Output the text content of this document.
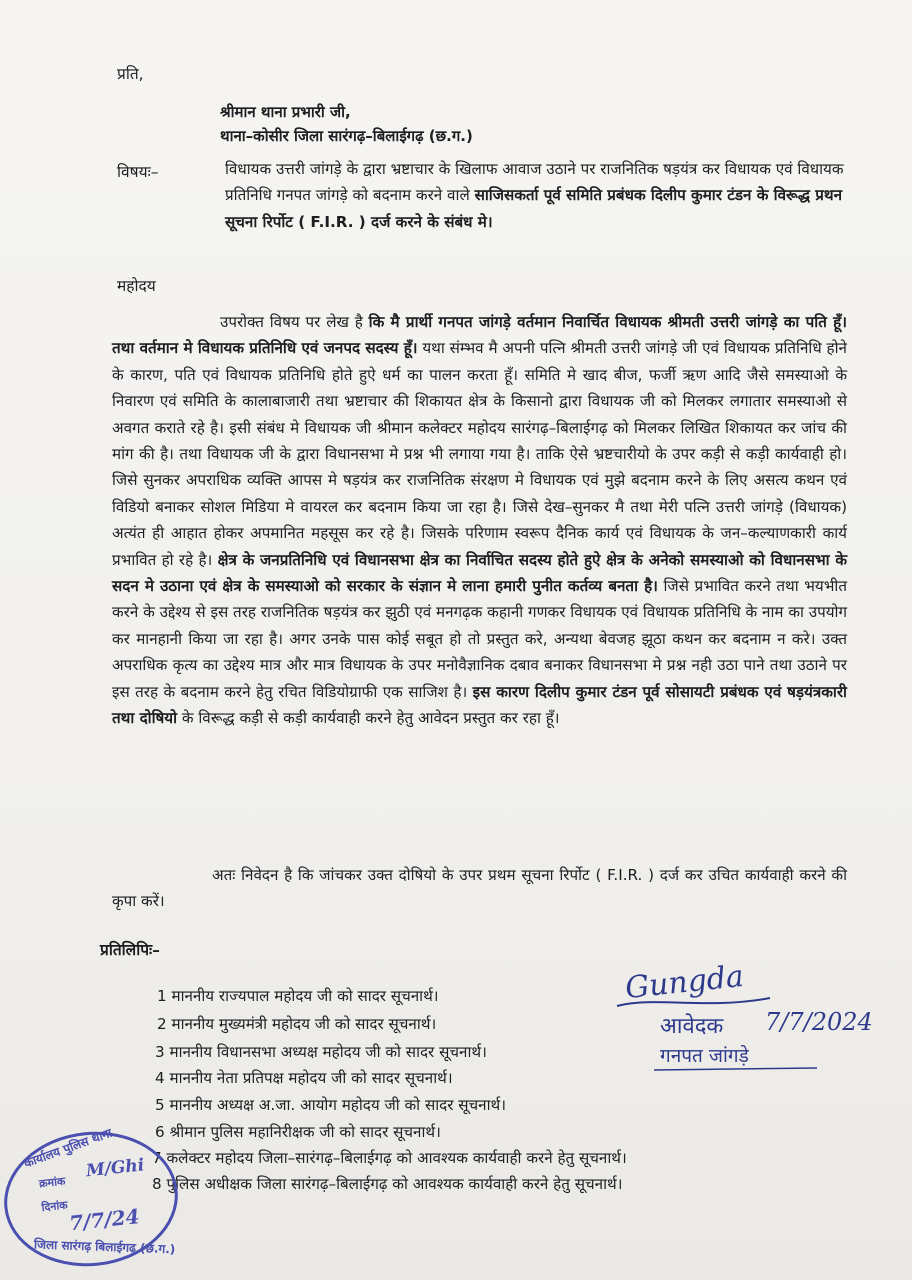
प्रति,
श्रीमान थाना प्रभारी जी,
थाना–कोसीर जिला सारंगढ़–बिलाईगढ़ (छ.ग.)
विषयः–	विधायक उत्तरी जांगड़े के द्वारा भ्रष्टाचार के खिलाफ आवाज उठाने पर राजनितिक षड़यंत्र कर विधायक एवं विधायक प्रतिनिधि गनपत जांगड़े को बदनाम करने वाले साजिसकर्ता पूर्व समिति प्रबंधक दिलीप कुमार टंडन के विरूद्ध प्रथन सूचना रिर्पोट ( F.I.R. ) दर्ज करने के संबंध मे।
महोदय
उपरोक्त विषय पर लेख है कि मै प्रार्थी गनपत जांगड़े वर्तमान निवार्चित विधायक श्रीमती उत्तरी जांगड़े का पति हूँ। तथा वर्तमान मे विधायक प्रतिनिधि एवं जनपद सदस्य हूँ। यथा संम्भव मै अपनी पत्नि श्रीमती उत्तरी जांगड़े जी एवं विधायक प्रतिनिधि होने के कारण, पति एवं विधायक प्रतिनिधि होते हुऐ धर्म का पालन करता हूँ। समिति मे खाद बीज, फर्जी ऋण आदि जैसे समस्याओ के निवारण एवं समिति के कालाबाजारी तथा भ्रष्टाचार की शिकायत क्षेत्र के किसानो द्वारा विधायक जी को मिलकर लगातार समस्याओ से अवगत कराते रहे है। इसी संबंध मे विधायक जी श्रीमान कलेक्टर महोदय सारंगढ़–बिलाईगढ़ को मिलकर लिखित शिकायत कर जांच की मांग की है। तथा विधायक जी के द्वारा विधानसभा मे प्रश्न भी लगाया गया है। ताकि ऐसे भ्रष्टचारीयो के उपर कड़ी से कड़ी कार्यवाही हो। जिसे सुनकर अपराधिक व्यक्ति आपस मे षड़यंत्र कर राजनितिक संरक्षण मे विधायक एवं मुझे बदनाम करने के लिए असत्य कथन एवं विडियो बनाकर सोशल मिडिया मे वायरल कर बदनाम किया जा रहा है। जिसे देख–सुनकर मै तथा मेरी पत्नि उत्तरी जांगड़े (विधायक) अत्यंत ही आहात होकर अपमानित महसूस कर रहे है। जिसके परिणाम स्वरूप दैनिक कार्य एवं विधायक के जन–कल्याणकारी कार्य प्रभावित हो रहे है। क्षेत्र के जनप्रतिनिधि एवं विधानसभा क्षेत्र का निर्वाचित सदस्य होते हुऐ क्षेत्र के अनेको समस्याओ को विधानसभा के सदन मे उठाना एवं क्षेत्र के समस्याओ को सरकार के संज्ञान मे लाना हमारी पुनीत कर्तव्य बनता है। जिसे प्रभावित करने तथा भयभीत करने के उद्देश्य से इस तरह राजनितिक षड़यंत्र कर झुठी एवं मनगढ़क कहानी गणकर विधायक एवं विधायक प्रतिनिधि के नाम का उपयोग कर मानहानी किया जा रहा है। अगर उनके पास कोई सबूत हो तो प्रस्तुत करे, अन्यथा बेवजह झूठा कथन कर बदनाम न करे। उक्त अपराधिक कृत्य का उद्देश्य मात्र और मात्र विधायक के उपर मनोवैज्ञानिक दबाव बनाकर विधानसभा मे प्रश्न नही उठा पाने तथा उठाने पर इस तरह के बदनाम करने हेतु रचित विडियोग्राफी एक साजिश है। इस कारण दिलीप कुमार टंडन पूर्व सोसायटी प्रबंधक एवं षड़यंत्रकारी तथा दोषियो के विरूद्ध कड़ी से कड़ी कार्यवाही करने हेतु आवेदन प्रस्तुत कर रहा हूँ।
अतः निवेदन है कि जांचकर उक्त दोषियो के उपर प्रथम सूचना रिर्पोट ( F.I.R. ) दर्ज कर उचित कार्यवाही करने की कृपा करें।
प्रतिलिपिः–
1 माननीय राज्यपाल महोदय जी को सादर सूचनार्थ।
2 माननीय मुख्यमंत्री महोदय जी को सादर सूचनार्थ।
3 माननीय विधानसभा अध्यक्ष महोदय जी को सादर सूचनार्थ।
4 माननीय नेता प्रतिपक्ष महोदय जी को सादर सूचनार्थ।
5 माननीय अध्यक्ष अ.जा. आयोग महोदय जी को सादर सूचनार्थ।
6 श्रीमान पुलिस महानिरीक्षक जी को सादर सूचनार्थ।
7 कलेक्टर महोदय जिला–सारंगढ़–बिलाईगढ़ को आवश्यक कार्यवाही करने हेतु सूचनार्थ।
8 पुलिस अधीक्षक जिला सारंगढ़–बिलाईगढ़ को आवश्यक कार्यवाही करने हेतु सूचनार्थ।
Gungda
आवेदक 7/7/2024
गनपत जांगड़े
कार्यालय पुलिस थाना
क्रमांक
M/Ghi
दिनांक 7/7/24
जिला सारंगढ़ बिलाईगढ़ (छ.ग.)
